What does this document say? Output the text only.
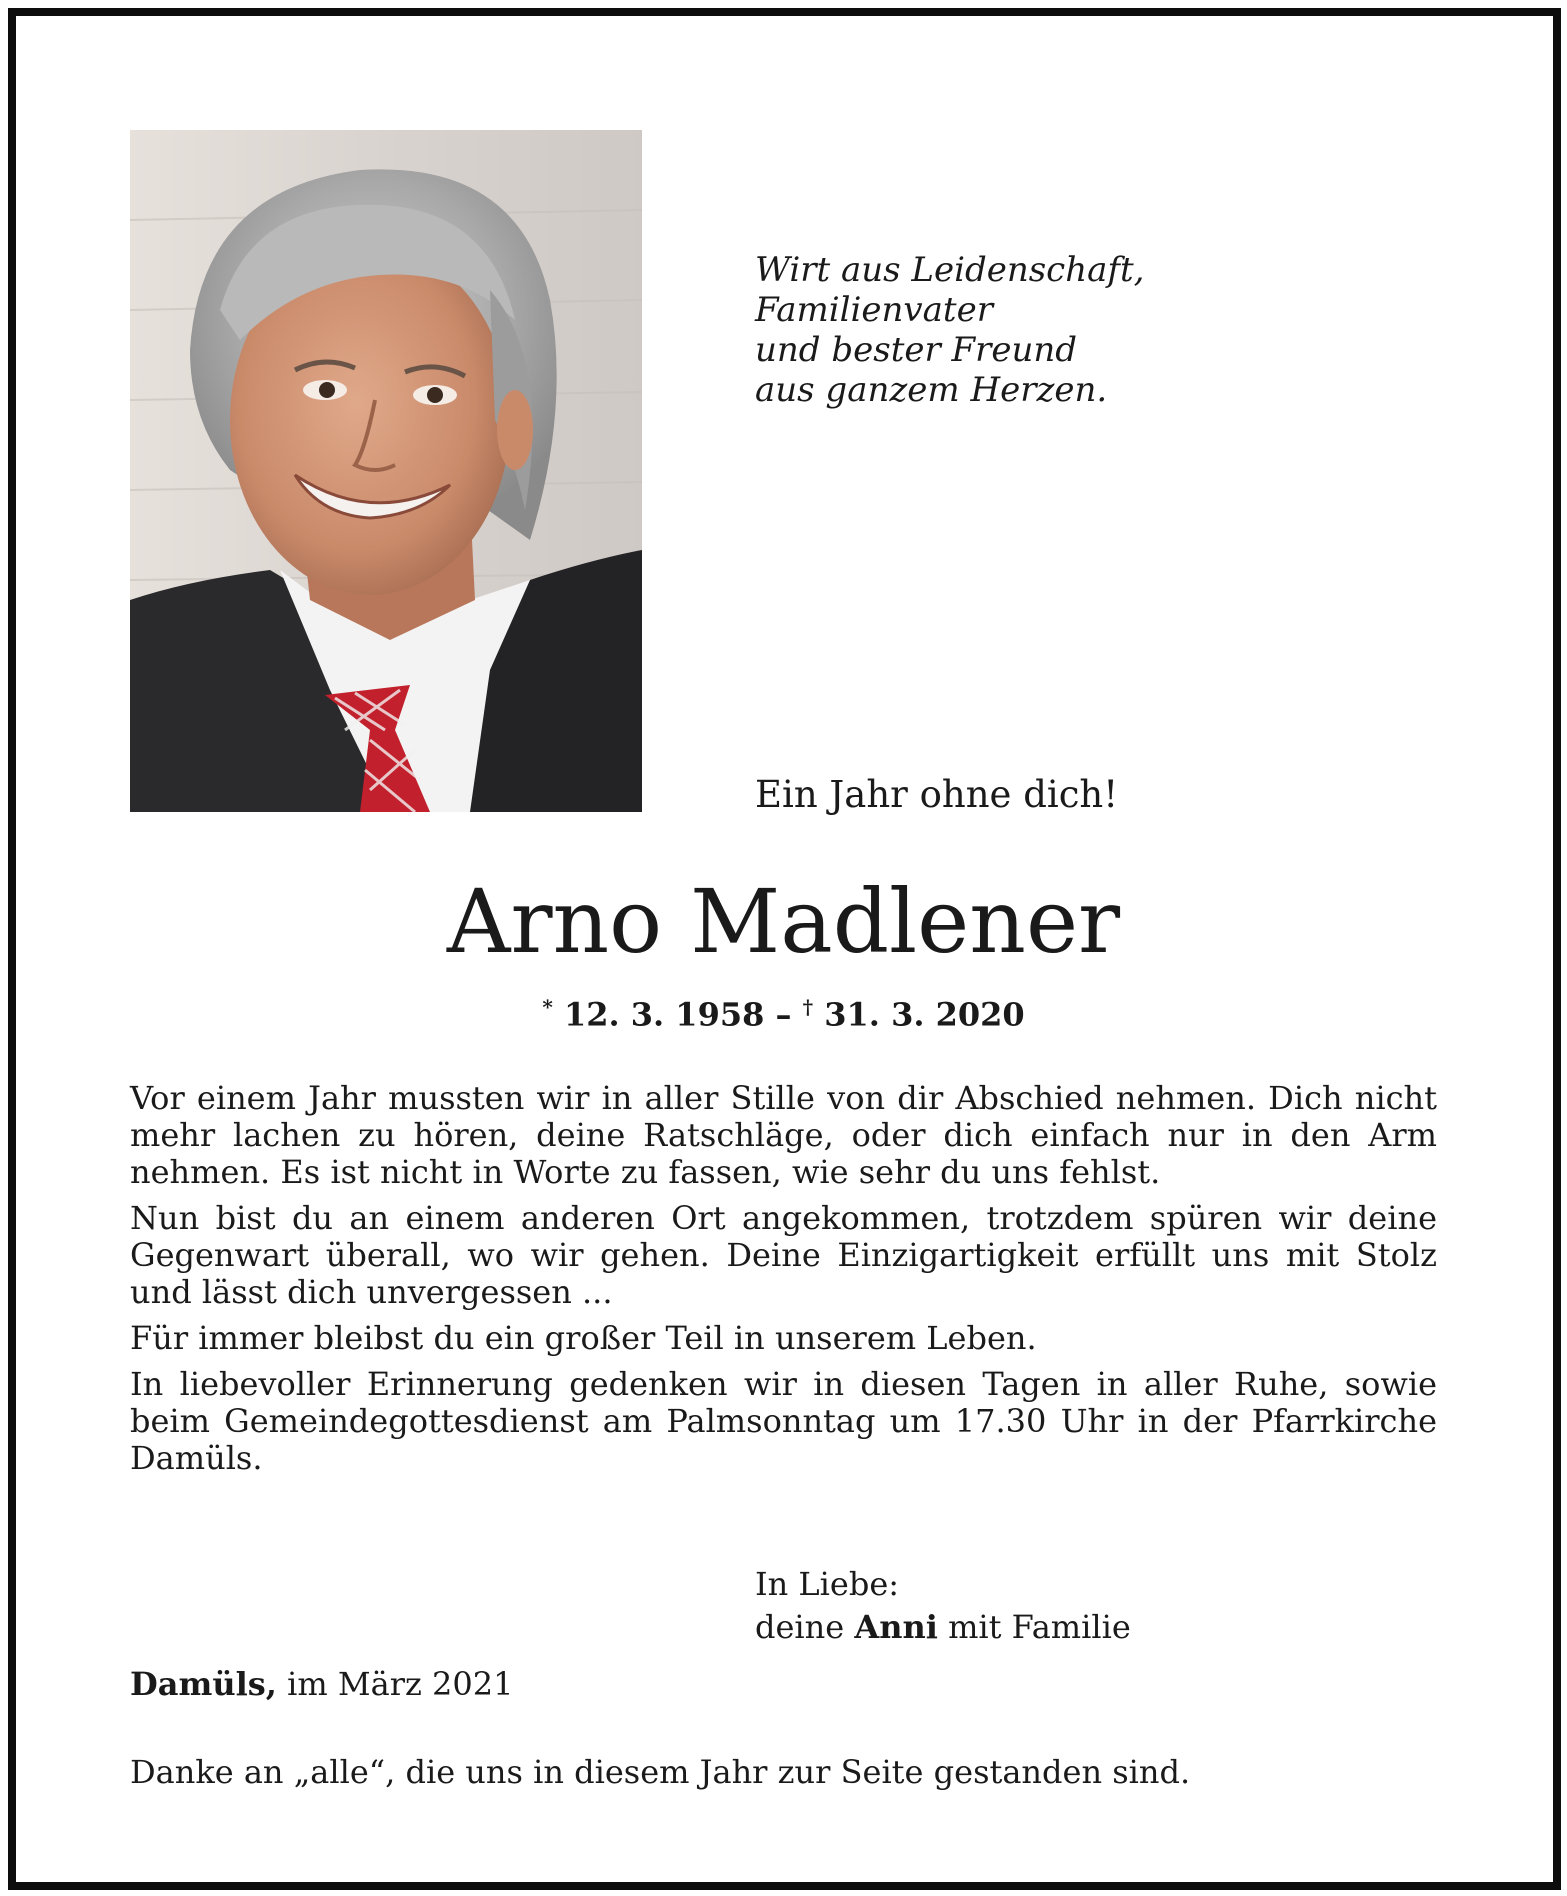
Wirt aus Leidenschaft,
Familienvater
und bester Freund
aus ganzem Herzen.
Ein Jahr ohne dich!
Arno Madlener
* 12. 3. 1958 – † 31. 3. 2020

Vor einem Jahr mussten wir in aller Stille von dir Abschied nehmen. Dich nicht mehr lachen zu hören, deine Ratschläge, oder dich einfach nur in den Arm nehmen. Es ist nicht in Worte zu fassen, wie sehr du uns fehlst.

Nun bist du an einem anderen Ort angekommen, trotzdem spüren wir deine Gegenwart überall, wo wir gehen. Deine Einzigartigkeit erfüllt uns mit Stolz und lässt dich unvergessen ...

Für immer bleibst du ein großer Teil in unserem Leben.

In liebevoller Erinnerung gedenken wir in diesen Tagen in aller Ruhe, sowie beim Gemeindegottesdienst am Palmsonntag um 17.30 Uhr in der Pfarrkirche Damüls.

In Liebe:
deine Anni mit Familie
Damüls, im März 2021
Danke an „alle“, die uns in diesem Jahr zur Seite gestanden sind.
